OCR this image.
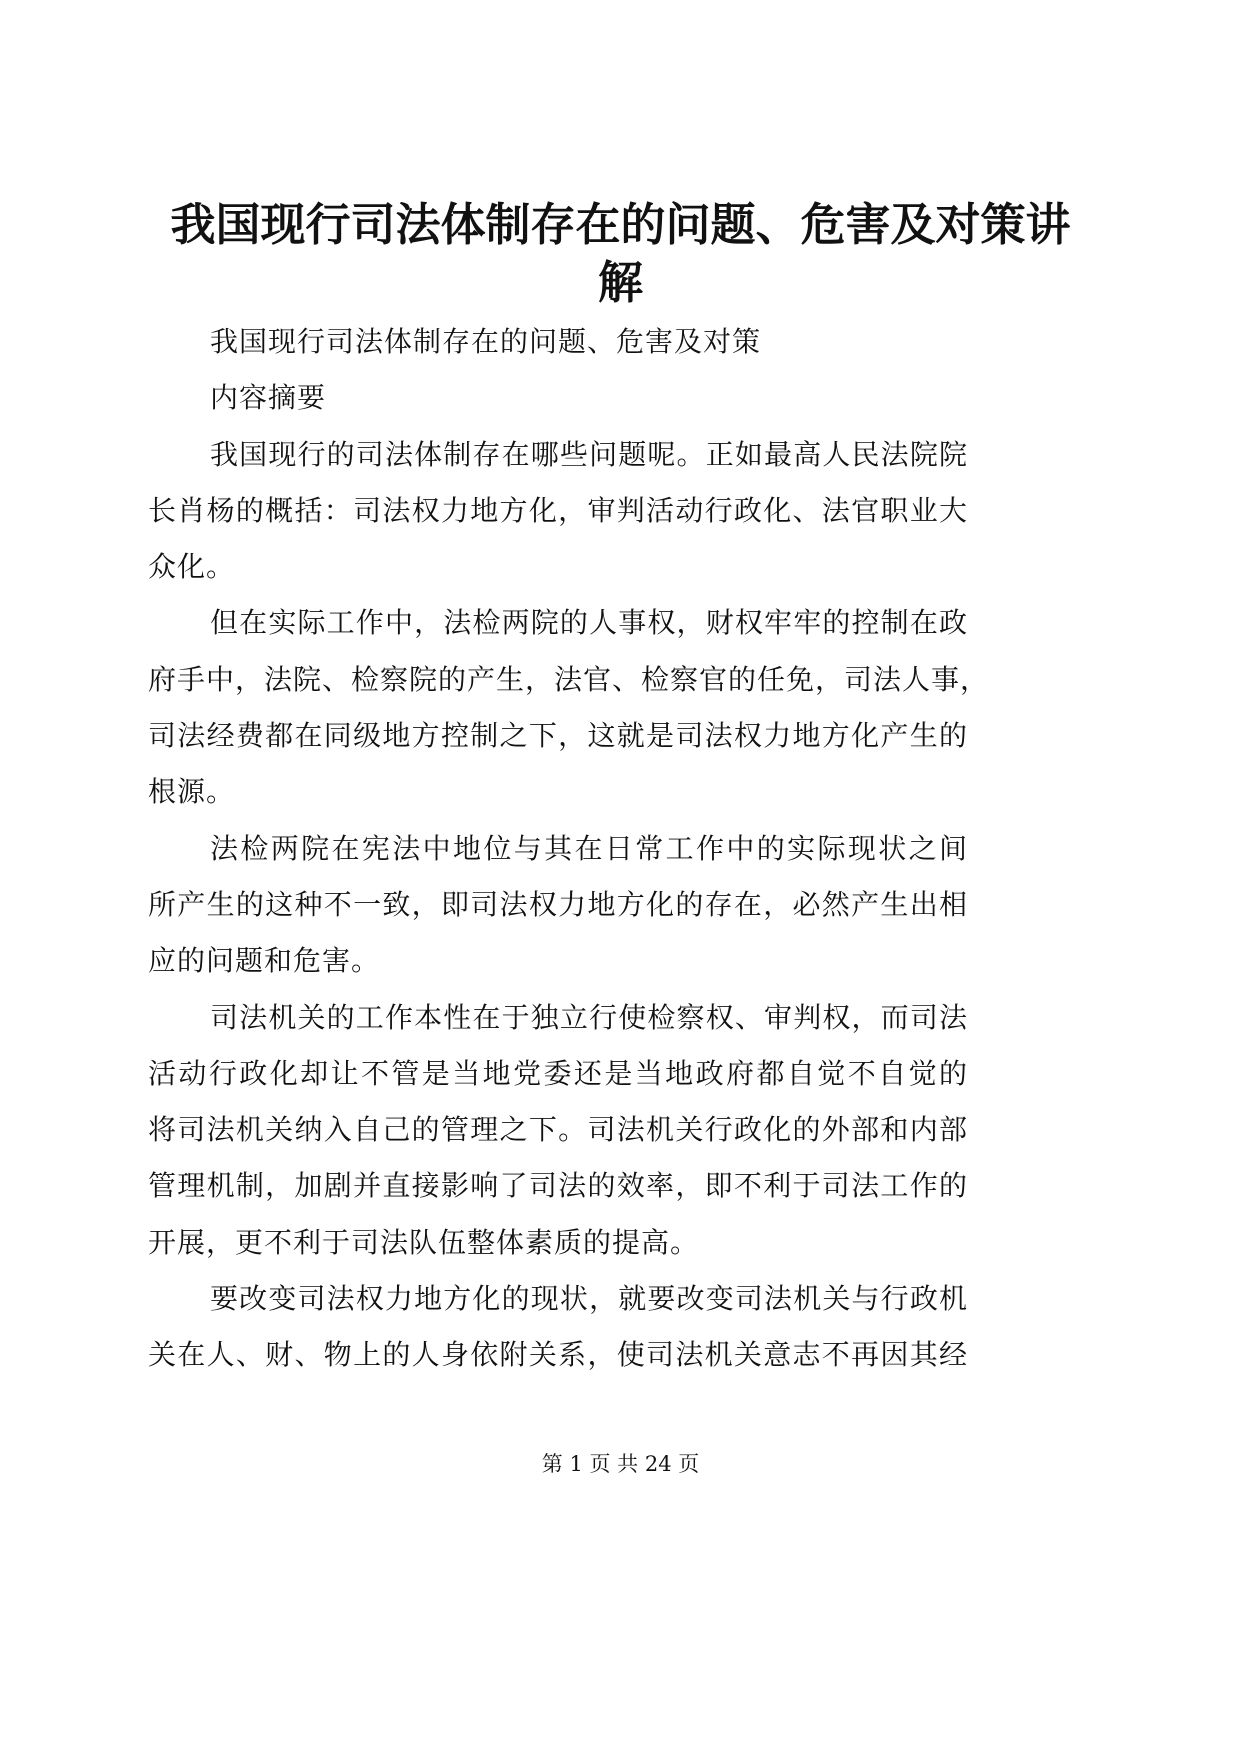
我国现行司法体制存在的问题、危害及对策讲
解
我国现行司法体制存在的问题、危害及对策
内容摘要
我国现行的司法体制存在哪些问题呢。正如最高人民法院院
长肖杨的概括：司法权力地方化，审判活动行政化、法官职业大
众化。
但在实际工作中，法检两院的人事权，财权牢牢的控制在政
府手中，法院、检察院的产生，法官、检察官的任免，司法人事，
司法经费都在同级地方控制之下，这就是司法权力地方化产生的
根源。
法检两院在宪法中地位与其在日常工作中的实际现状之间
所产生的这种不一致，即司法权力地方化的存在，必然产生出相
应的问题和危害。
司法机关的工作本性在于独立行使检察权、审判权，而司法
活动行政化却让不管是当地党委还是当地政府都自觉不自觉的
将司法机关纳入自己的管理之下。司法机关行政化的外部和内部
管理机制，加剧并直接影响了司法的效率，即不利于司法工作的
开展，更不利于司法队伍整体素质的提高。
要改变司法权力地方化的现状，就要改变司法机关与行政机
关在人、财、物上的人身依附关系，使司法机关意志不再因其经
第 1 页 共 24 页
